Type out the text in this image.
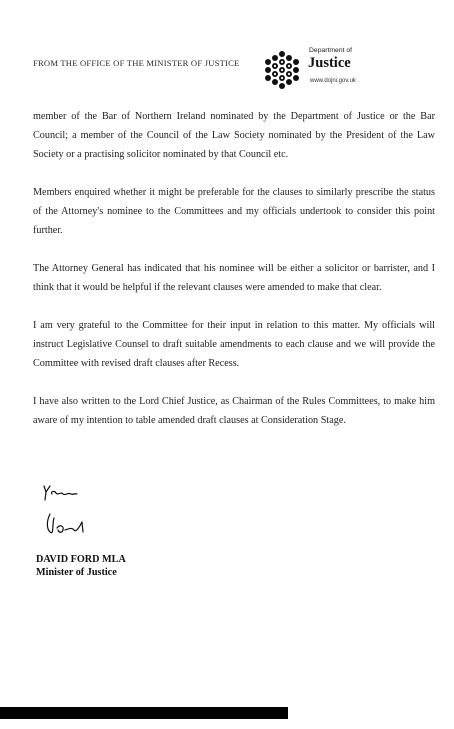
FROM THE OFFICE OF THE MINISTER OF JUSTICE
Department of
Justice
www.dojni.gov.uk

member of the Bar of Northern Ireland nominated by the Department of Justice or the Bar Council; a member of the Council of the Law Society nominated by the President of the Law Society or a practising solicitor nominated by that Council etc.

Members enquired whether it might be preferable for the clauses to similarly prescribe the status of the Attorney's nominee to the Committees and my officials undertook to consider this point further.

The Attorney General has indicated that his nominee will be either a solicitor or barrister, and I think that it would be helpful if the relevant clauses were amended to make that clear.

I am very grateful to the Committee for their input in relation to this matter. My officials will instruct Legislative Counsel to draft suitable amendments to each clause and we will provide the Committee with revised draft clauses after Recess.

I have also written to the Lord Chief Justice, as Chairman of the Rules Committees, to make him aware of my intention to table amended draft clauses at Consideration Stage.

DAVID FORD MLA
Minister of Justice
